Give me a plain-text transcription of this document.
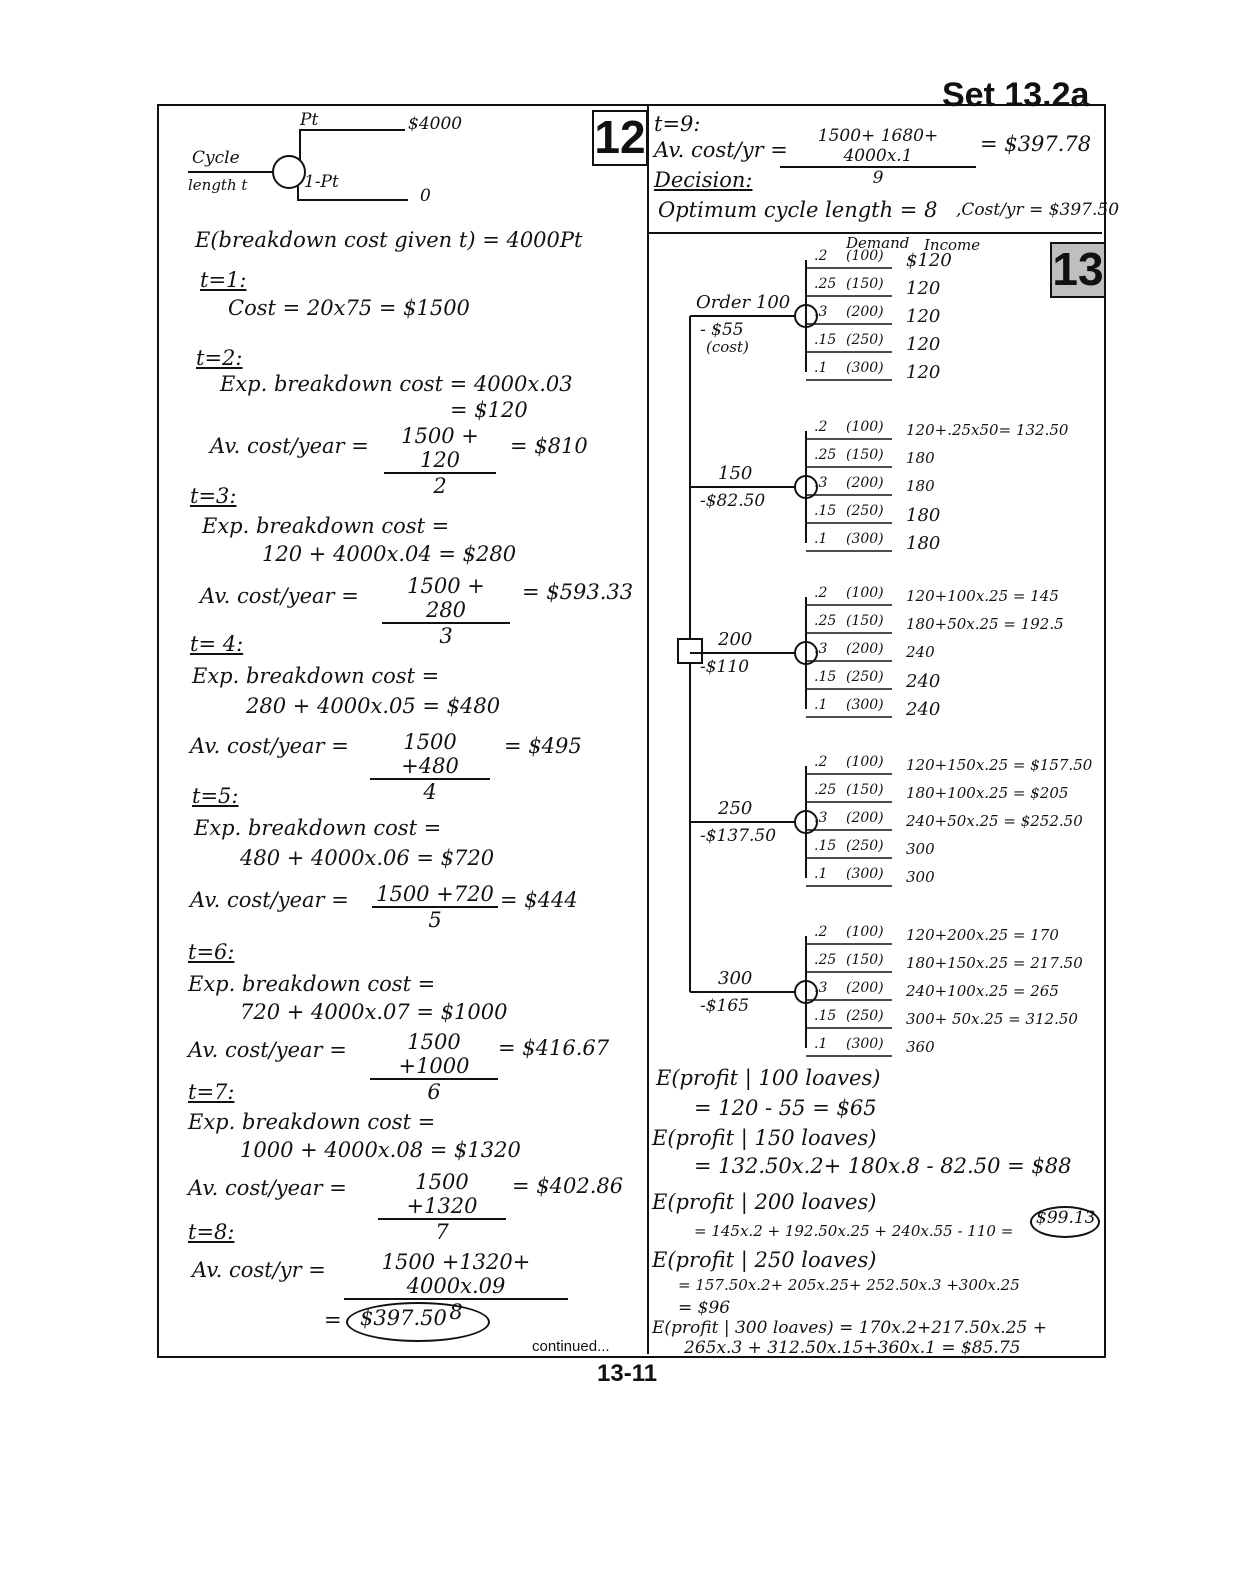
Set 13.2a
12
13
Cycle
length t
Pt
1-Pt
$4000
0
E(breakdown cost given t) = 4000Pt
t=1:
Cost = 20x75 = $1500
t=2:
Exp. breakdown cost = 4000x.03
= $120
Av. cost/year = $\frac{1500 + 120}{2}$ = $810
t=3:
Exp. breakdown cost =
120 + 4000x.04 = $280
Av. cost/year = $\frac{1500 + 280}{3}$ = $593.33
t= 4:
Exp. breakdown cost =
280 + 4000x.05 = $480
Av. cost/year = $\frac{1500 +480}{4}$ = $495
t=5:
Exp. breakdown cost =
480 + 4000x.06 = $720
Av. cost/year = $\frac{1500 +720}{5}$ = $444
t=6:
Exp. breakdown cost =
720 + 4000x.07 = $1000
Av. cost/year = $\frac{1500 +1000}{6}$ = $416.67
t=7:
Exp. breakdown cost =
1000 + 4000x.08 = $1320
Av. cost/year = $\frac{1500 +1320}{7}$ = $402.86
t=8:
Av. $\cos t/yr = \frac{1500 +1320+ 4000x.09}{8}$
= $397.50
continued...
t=9:
Av. cost/yr =
$\frac{1500+ 1680+ 4000x.1}{9}$ = $397.78
Decision:
Optimum cycle length = 8 ,Cost/yr = $397.50
Demand Income
Order 100
- $55
(cost)
.2 (100) $120
.25 (150) 120
.3 (200) 120
.15 (250) 120
.1 (300) 120
150
-$82.50
.2 (100) 120+.25x50= 132.50
.25 (150) 180
.3 (200) 180
.15 (250) 180
.1 (300) 180
200
-$110
.2 (100) 120+100x.25 = 145
.25 (150) 180+50x.25 = 192.5
.3 (200) 240
.15 (250) 240
.1 (300) 240
250
-$137.50
.2 (100) 120+150x.25 = $157.50
.25 (150) 180+100x.25 = $205
.3 (200) 240+50x.25 = $252.50
.15 (250) 300
.1 (300) 300
300
-$165
.2 (100) 120+200x.25 = 170
.25 (150) 180+150x.25 = 217.50
.3 (200) 240+100x.25 = 265
.15 (250) 300+ 50x.25 = 312.50
.1 (300) 360
E(profit | 100 loaves)
= 120 - 55 = $65
E(profit | 150 loaves)
= 132.50x.2+ 180x.8 - 82.50 = $88
E(profit | 200 loaves)
= 145x.2 + 192.50x.25 + 240x.55 - 110 =
$99.13
E(profit | 250 loaves)
= 157.50x.2+ 205x.25+ 252.50x.3 +300x.25
= $96
E(profit | 300 loaves) = 170x.2+217.50x.25 +
265x.3 + 312.50x.15+360x.1 = $85.75
13-11
